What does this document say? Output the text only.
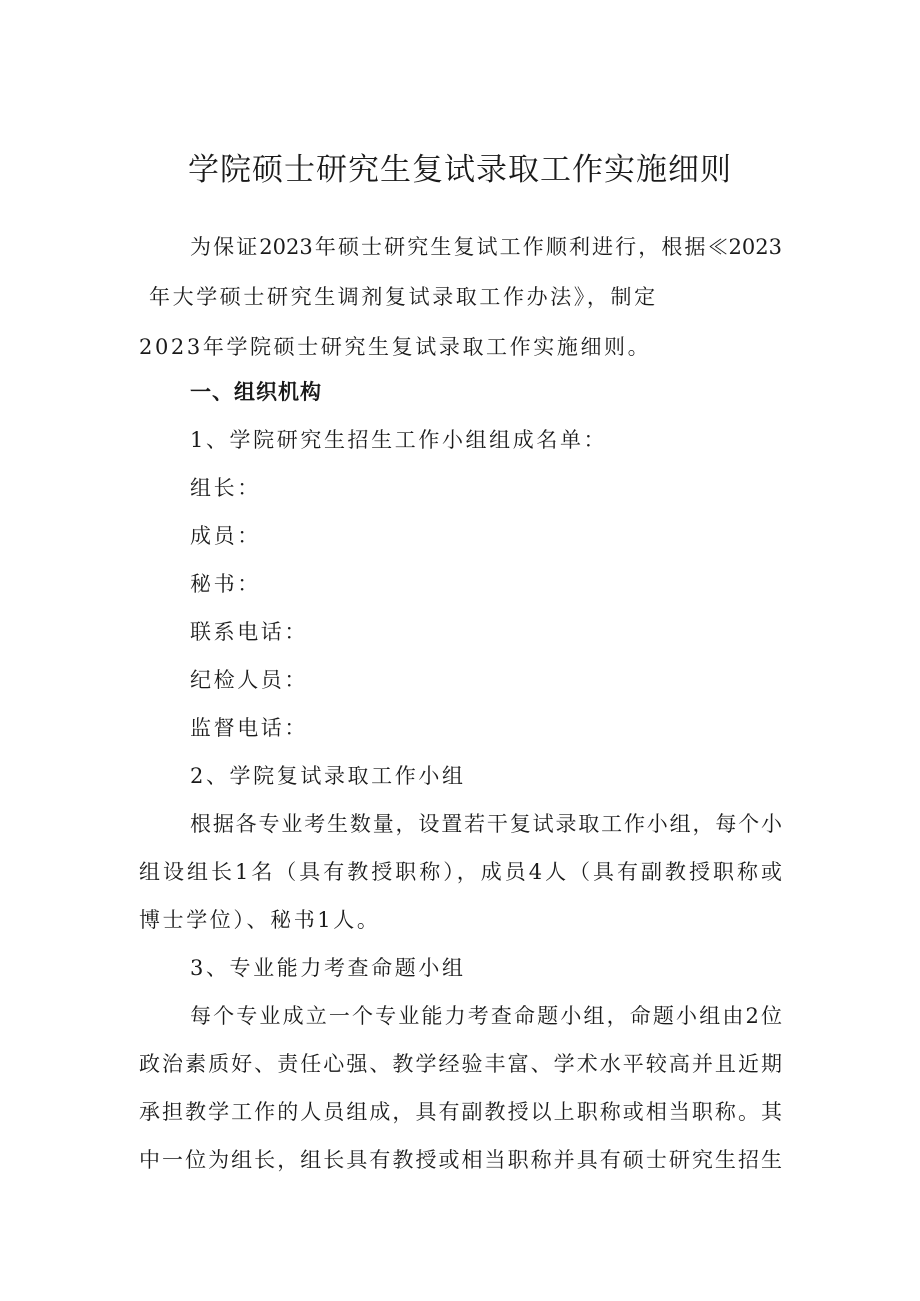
学院硕士研究生复试录取工作实施细则

为保证2023年硕士研究生复试工作顺利进行，根据≪2023

年大学硕士研究生调剂复试录取工作办法》，制定

2023年学院硕士研究生复试录取工作实施细则。

一、组织机构

1、学院研究生招生工作小组组成名单：

组长：

成员：

秘书：

联系电话：

纪检人员：

监督电话：

2、学院复试录取工作小组

根据各专业考生数量，设置若干复试录取工作小组，每个小

组设组长1名（具有教授职称），成员4人（具有副教授职称或

博士学位）、秘书1人。

3、专业能力考查命题小组

每个专业成立一个专业能力考查命题小组，命题小组由2位

政治素质好、责任心强、教学经验丰富、学术水平较高并且近期

承担教学工作的人员组成，具有副教授以上职称或相当职称。其

中一位为组长，组长具有教授或相当职称并具有硕士研究生招生
